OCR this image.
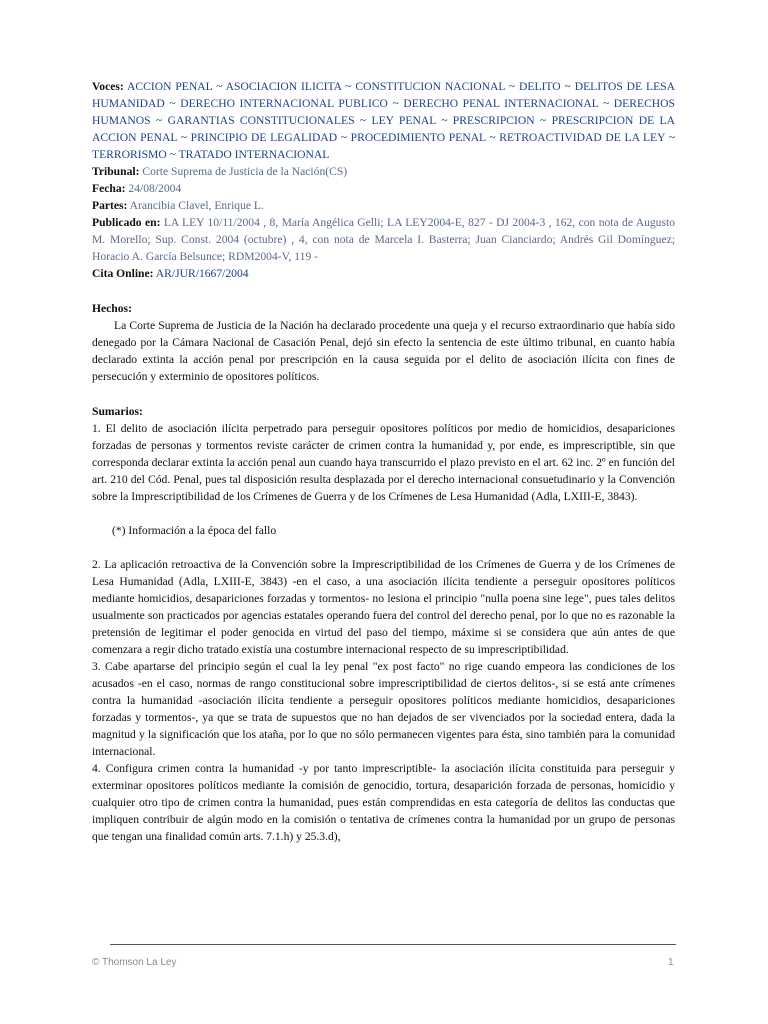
Voces: ACCION PENAL ~ ASOCIACION ILICITA ~ CONSTITUCION NACIONAL ~ DELITO ~ DELITOS DE LESA HUMANIDAD ~ DERECHO INTERNACIONAL PUBLICO ~ DERECHO PENAL INTERNACIONAL ~ DERECHOS HUMANOS ~ GARANTIAS CONSTITUCIONALES ~ LEY PENAL ~ PRESCRIPCION ~ PRESCRIPCION DE LA ACCION PENAL ~ PRINCIPIO DE LEGALIDAD ~ PROCEDIMIENTO PENAL ~ RETROACTIVIDAD DE LA LEY ~ TERRORISMO ~ TRATADO INTERNACIONAL
Tribunal: Corte Suprema de Justicia de la Nación(CS)
Fecha: 24/08/2004
Partes: Arancibia Clavel, Enrique L.
Publicado en: LA LEY 10/11/2004 , 8, María Angélica Gelli; LA LEY2004-E, 827 - DJ 2004-3 , 162, con nota de Augusto M. Morello; Sup. Const. 2004 (octubre) , 4, con nota de Marcela I. Basterra; Juan Cianciardo; Andrés Gil Domínguez; Horacio A. García Belsunce; RDM2004-V, 119 -
Cita Online: AR/JUR/1667/2004
Hechos:

La Corte Suprema de Justicia de la Nación ha declarado procedente una queja y el recurso extraordinario que había sido denegado por la Cámara Nacional de Casación Penal, dejó sin efecto la sentencia de este último tribunal, en cuanto había declarado extinta la acción penal por prescripción en la causa seguida por el delito de asociación ilícita con fines de persecución y exterminio de opositores políticos.

Sumarios:

1. El delito de asociación ilícita perpetrado para perseguir opositores políticos por medio de homicidios, desapariciones forzadas de personas y tormentos reviste carácter de crimen contra la humanidad y, por ende, es imprescriptible, sin que corresponda declarar extinta la acción penal aun cuando haya transcurrido el plazo previsto en el art. 62 inc. 2º en función del art. 210 del Cód. Penal, pues tal disposición resulta desplazada por el derecho internacional consuetudinario y la Convención sobre la Imprescriptibilidad de los Crímenes de Guerra y de los Crímenes de Lesa Humanidad (Adla, LXIII-E, 3843).

(*) Información a la época del fallo

2. La aplicación retroactiva de la Convención sobre la Imprescriptibilidad de los Crímenes de Guerra y de los Crímenes de Lesa Humanidad (Adla, LXIII-E, 3843) -en el caso, a una asociación ilícita tendiente a perseguir opositores políticos mediante homicidios, desapariciones forzadas y tormentos- no lesiona el principio "nulla poena sine lege", pues tales delitos usualmente son practicados por agencias estatales operando fuera del control del derecho penal, por lo que no es razonable la pretensión de legitimar el poder genocida en virtud del paso del tiempo, máxime si se considera que aún antes de que comenzara a regir dicho tratado existía una costumbre internacional respecto de su imprescriptibilidad.

3. Cabe apartarse del principio según el cual la ley penal "ex post facto" no rige cuando empeora las condiciones de los acusados -en el caso, normas de rango constitucional sobre imprescriptibilidad de ciertos delitos-, si se está ante crímenes contra la humanidad -asociación ilícita tendiente a perseguir opositores políticos mediante homicidios, desapariciones forzadas y tormentos-, ya que se trata de supuestos que no han dejados de ser vivenciados por la sociedad entera, dada la magnitud y la significación que los ataña, por lo que no sólo permanecen vigentes para ésta, sino también para la comunidad internacional.

4. Configura crimen contra la humanidad -y por tanto imprescriptible- la asociación ilícita constituida para perseguir y exterminar opositores políticos mediante la comisión de genocidio, tortura, desaparición forzada de personas, homicidio y cualquier otro tipo de crimen contra la humanidad, pues están comprendidas en esta categoría de delitos las conductas que impliquen contribuir de algún modo en la comisión o tentativa de crímenes contra la humanidad por un grupo de personas que tengan una finalidad común arts. 7.1.h) y 25.3.d),

© Thomson La Ley	1
